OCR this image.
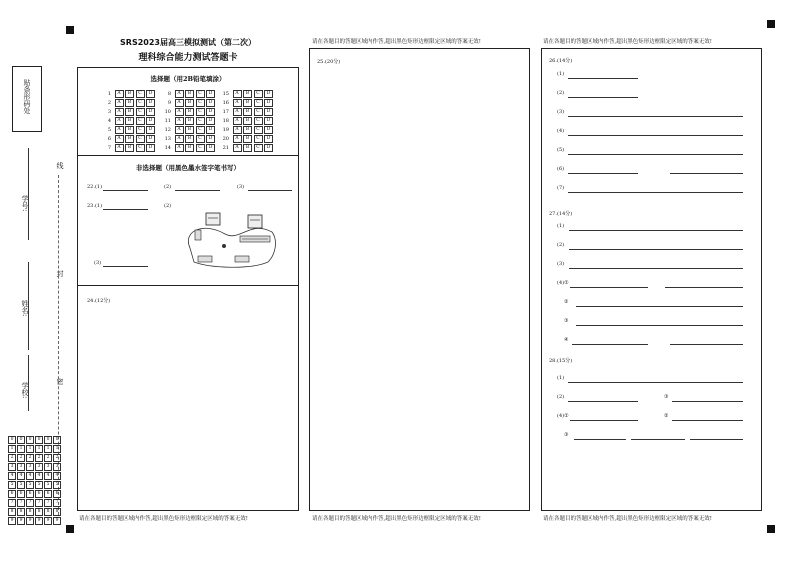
贴条形码处
学号:
姓名:
学校:
线
封
密
0	0	0	0	0	0
1	1	1	1	1	1
2	2	2	2	2	2
3	3	3	3	3	3
4	4	4	4	4	4
5	5	5	5	5	5
6	6	6	6	6	6
7	7	7	7	7	7
8	8	8	8	8	8
9	9	9	9	9	9
SRS2023届高三模拟测试（第二次）
理科综合能力测试答题卡
选择题（用2B铅笔填涂）
1	A	B	C	D
2	A	B	C	D
3	A	B	C	D
4	A	B	C	D
5	A	B	C	D
6	A	B	C	D
7	A	B	C	D
8	A	B	C	D
9	A	B	C	D
10	A	B	C	D
11	A	B	C	D
12	A	B	C	D
13	A	B	C	D
14	A	B	C	D
15	A	B	C	D
16	A	B	C	D
17	A	B	C	D
18	A	B	C	D
19	A	B	C	D
20	A	B	C	D
21	A	B	C	D
非选择题（用黑色墨水签字笔书写）
22.(1)	(2)	(3)
23.(1)	(2)
(3)
24.(12分)
请在各题目的答题区域内作答,超出黑色矩形边框限定区域的答案无效!
请在各题目的答题区域内作答,超出黑色矩形边框限定区域的答案无效!
25.(20分)
请在各题目的答题区域内作答,超出黑色矩形边框限定区域的答案无效!
请在各题目的答题区域内作答,超出黑色矩形边框限定区域的答案无效!
26.(14分)
(1)
(2)
(3)
(4)
(5)
(6)
(7)
27.(14分)
(1)
(2)
(3)
(4)①
②
③
④
28.(15分)
(1)
(2)	③
(4)①	②
③
请在各题目的答题区域内作答,超出黑色矩形边框限定区域的答案无效!
